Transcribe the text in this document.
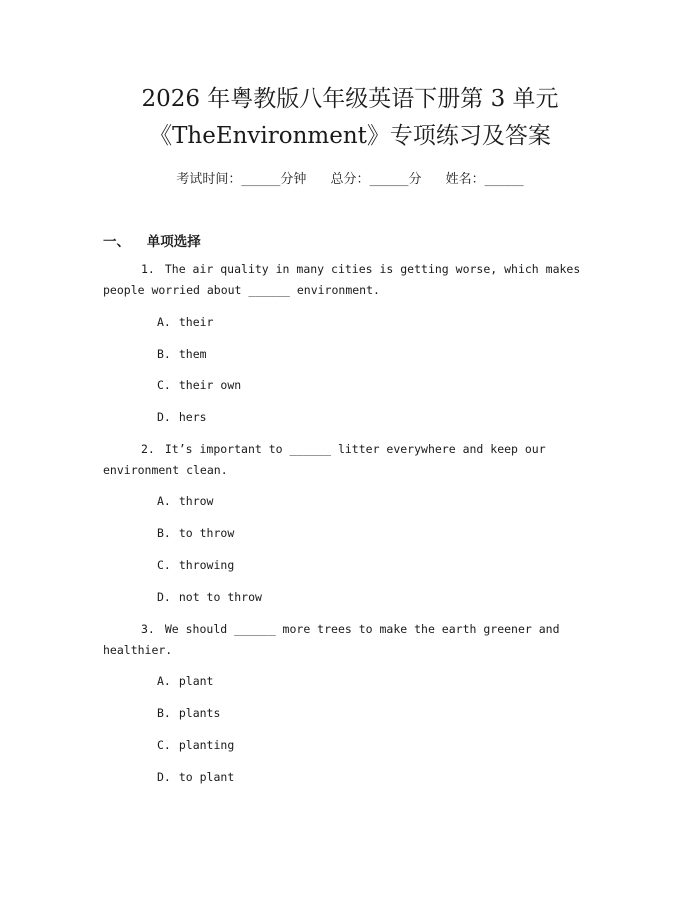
2026 年粤教版八年级英语下册第 3 单元
《TheEnvironment》专项练习及答案
考试时间：______分钟 总分：______分 姓名：______
一、 单项选择
1. The air quality in many cities is getting worse, which makes
people worried about ______ environment.
A. their
B. them
C. their own
D. hers
2. It’s important to ______ litter everywhere and keep our
environment clean.
A. throw
B. to throw
C. throwing
D. not to throw
3. We should ______ more trees to make the earth greener and
healthier.
A. plant
B. plants
C. planting
D. to plant
